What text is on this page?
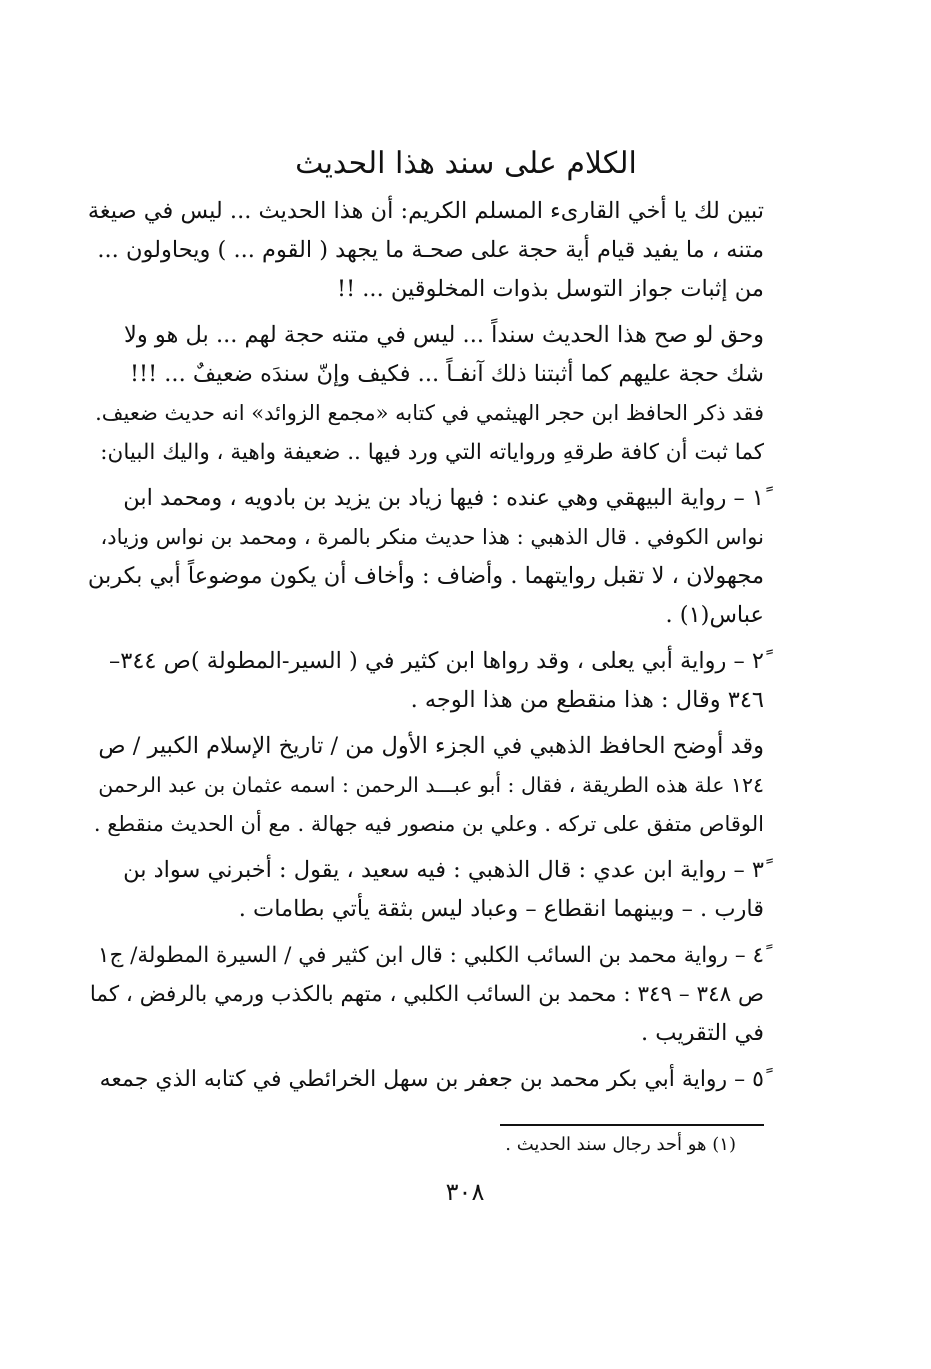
الكلام على سند هذا الحديث
تبين لك يا أخي القارىء المسلم الكريم: أن هذا الحديث ... ليس في صيغة
متنه ، ما يفيد قيام أية حجة على صحـة ما يجهد ( القوم ... ) ويحاولون ...
من إثبات جواز التوسل بذوات المخلوقين ... !!
وحق لو صح هذا الحديث سنداً ... ليس في متنه حجة لهم ... بل هو ولا
شك حجة عليهم كما أثبتنا ذلك آنفـاً ... فكيف وإنّ سندَه ضعيفٌ ... !!!
فقد ذكر الحافظ ابن حجر الهيثمي في كتابه «مجمع الزوائد» انه حديث ضعيف.
كما ثبت أن كافة طرقهِ ورواياته التي ورد فيها .. ضعيفة واهية ، واليك البيان:
١ً – رواية البيهقي وهي عنده : فيها زياد بن يزيد بن بادويه ، ومحمد ابن
نواس الكوفي . قال الذهبي : هذا حديث منكر بالمرة ، ومحمد بن نواس وزياد،
مجهولان ، لا تقبل روايتهما . وأضاف : وأخاف أن يكون موضوعاً أبي بكربن
عباس(١) .
٢ً – رواية أبي يعلى ، وقد رواها ابن كثير في ( السير-المطولة )ص ٣٤٤–
٣٤٦ وقال : هذا منقطع من هذا الوجه .
وقد أوضح الحافظ الذهبي في الجزء الأول من / تاريخ الإسلام الكبير / ص
١٢٤ علة هذه الطريقة ، فقال : أبو عبـــد الرحمن : اسمه عثمان بن عبد الرحمن
الوقاص متفق على تركه . وعلي بن منصور فيه جهالة . مع أن الحديث منقطع .
٣ً – رواية ابن عدي : قال الذهبي : فيه سعيد ، يقول : أخبرني سواد بن
قارب . – وبينهما انقطاع – وعباد ليس بثقة يأتي بطامات .
٤ً – رواية محمد بن السائب الكلبي : قال ابن كثير في / السيرة المطولة/ ج١
ص ٣٤٨ – ٣٤٩ : محمد بن السائب الكلبي ، متهم بالكذب ورمي بالرفض ، كما
في التقريب .
٥ً – رواية أبي بكر محمد بن جعفر بن سهل الخرائطي في كتابه الذي جمعه
(١) هو أحد رجال سند الحديث .
٣٠٨
